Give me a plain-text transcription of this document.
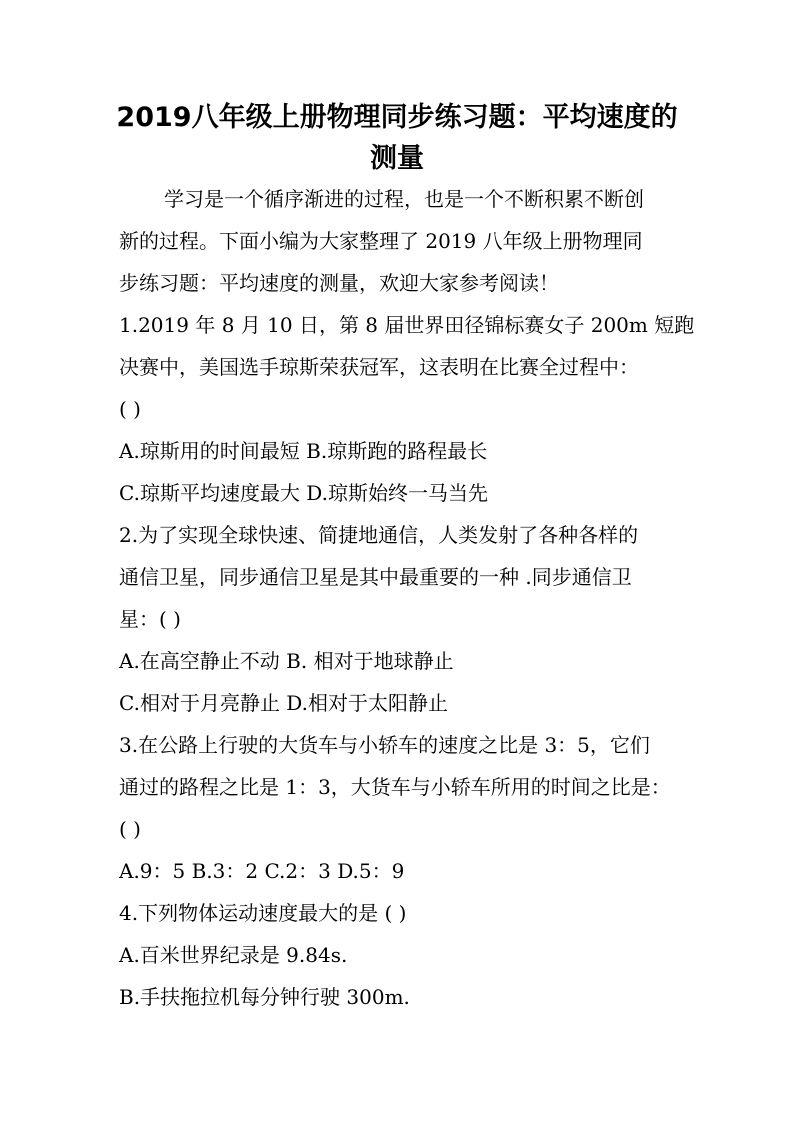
2019八年级上册物理同步练习题：平均速度的
测量
学习是一个循序渐进的过程，也是一个不断积累不断创
新的过程。下面小编为大家整理了 2019 八年级上册物理同
步练习题：平均速度的测量，欢迎大家参考阅读！
1.2019 年 8 月 10 日，第 8 届世界田径锦标赛女子 200m 短跑
决赛中，美国选手琼斯荣获冠军，这表明在比赛全过程中：
( )
A.琼斯用的时间最短 B.琼斯跑的路程最长
C.琼斯平均速度最大 D.琼斯始终一马当先
2.为了实现全球快速、简捷地通信，人类发射了各种各样的
通信卫星，同步通信卫星是其中最重要的一种 .同步通信卫
星：( )
A.在高空静止不动 B. 相对于地球静止
C.相对于月亮静止 D.相对于太阳静止
3.在公路上行驶的大货车与小轿车的速度之比是 3：5，它们
通过的路程之比是 1：3，大货车与小轿车所用的时间之比是：
( )
A.9：5 B.3：2 C.2：3 D.5：9
4.下列物体运动速度最大的是 ( )
A.百米世界纪录是 9.84s.
B.手扶拖拉机每分钟行驶 300m.
